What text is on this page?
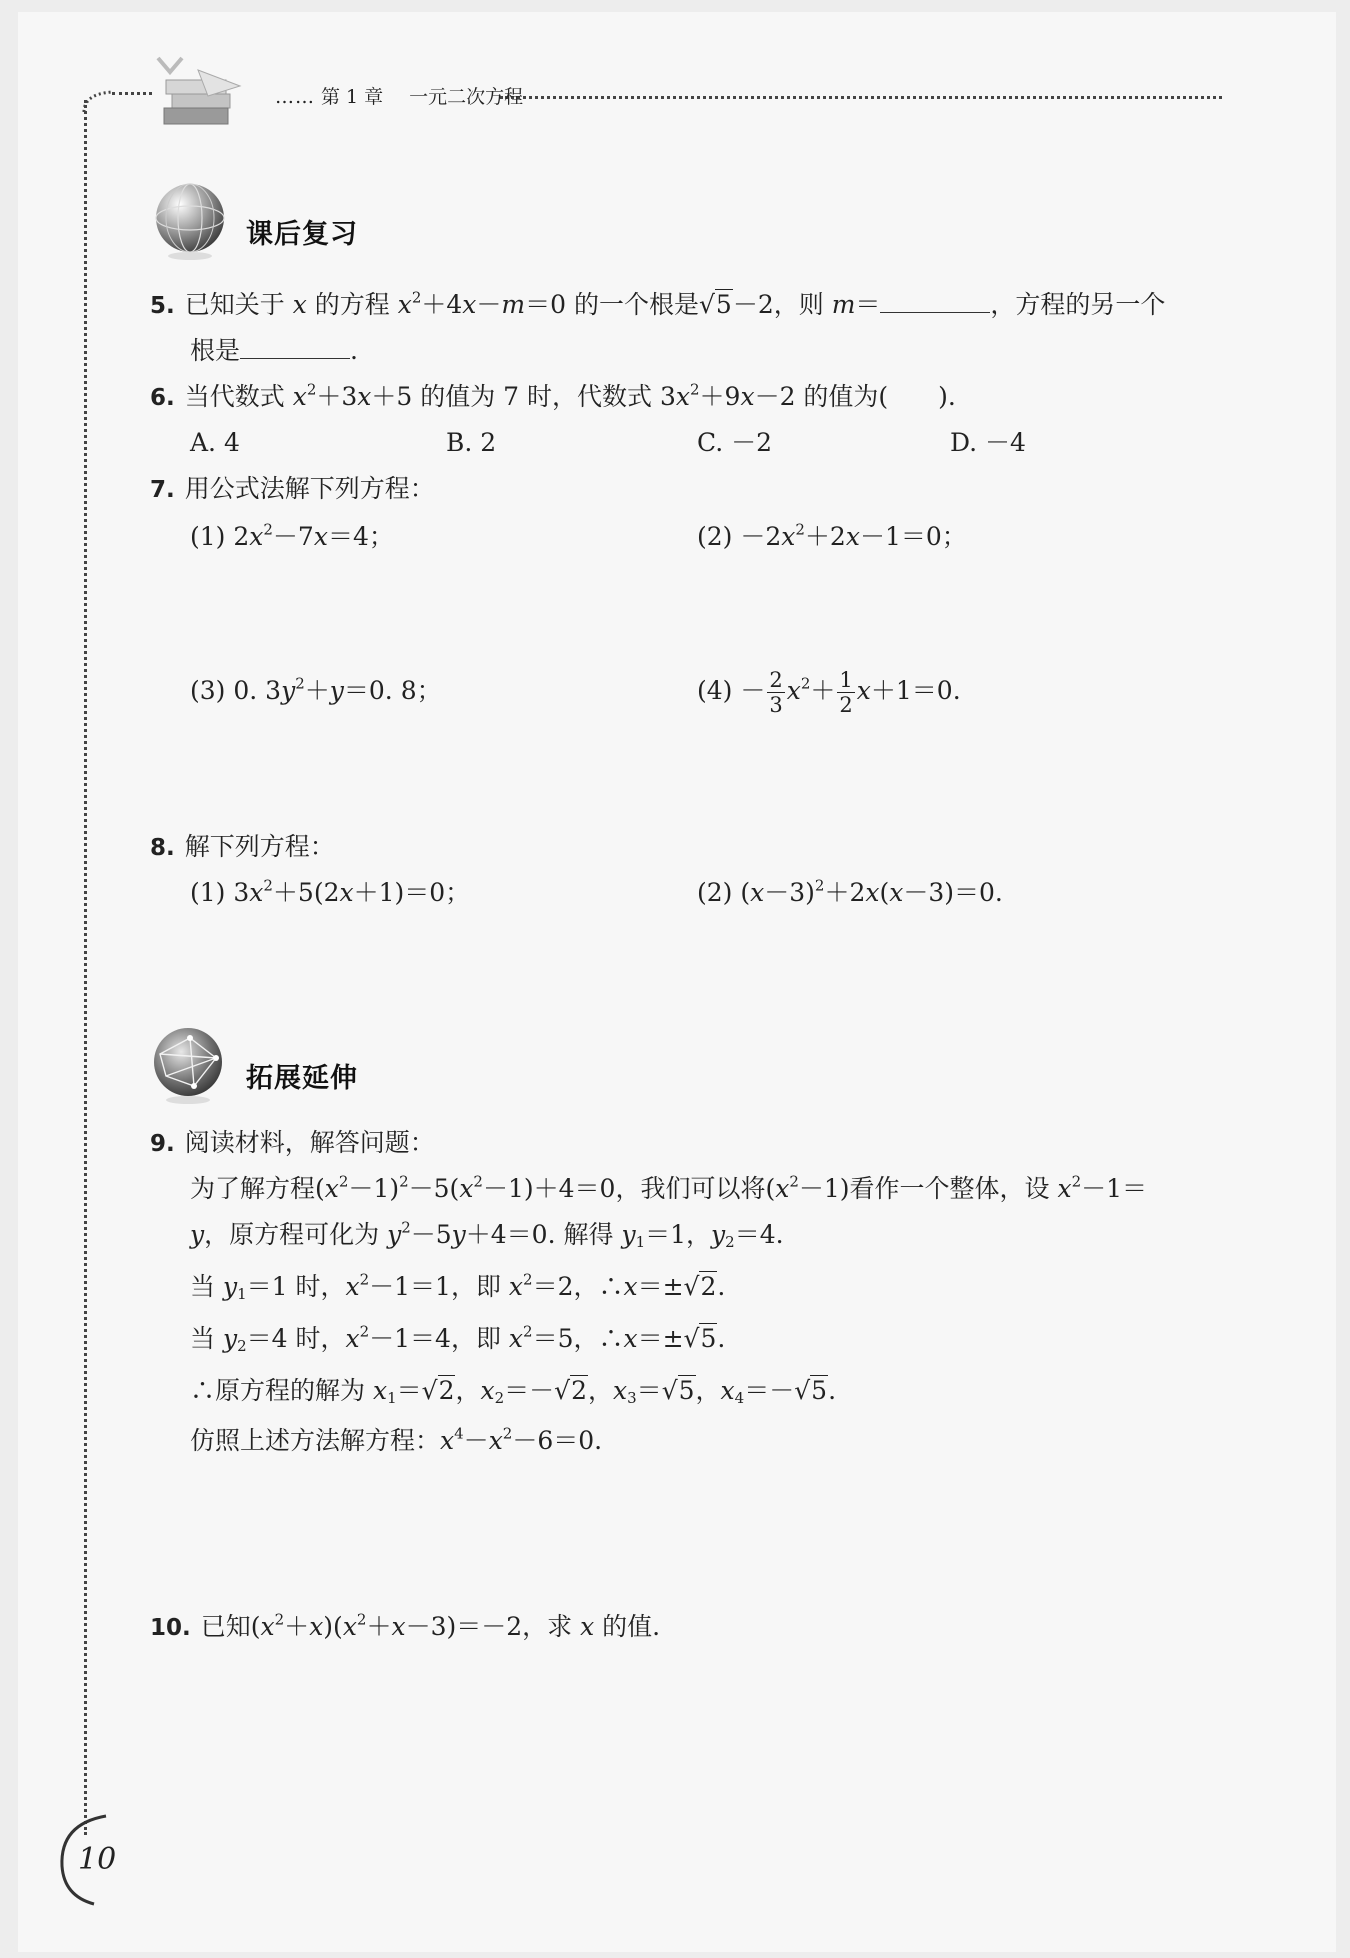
…… 第 1 章 一元二次方程
课后复习
5. 已知关于 x 的方程 $x^2+4x-m=0$ 的一个根是√5－2，则 m＝	，方程的另一个
根是	.
6. 当代数式 $x^2+3x+5$ 的值为 7 时，代数式 $3x^2+9x-2$ 的值为(　　).
A. 4	B. 2	C. －2	D. －4
7. 用公式法解下列方程：
(1) $2x^2-7x=4$；	$(2) -2x^2+2x-1=0$；
(3) 0. $3y^2+y=0$. 8；	$(4) - \frac{2}{3} x^2+ \frac{1}{2} x+1=0$.
8. 解下列方程：
(1) $3x^2+5(2x+1)=0$；	(2) $(x-3)^2+2x(x-3)=0$.
拓展延伸
9. 阅读材料，解答问题：
为了解方程$(x^2-1)^2-5(x^2-1)+4=0$，我们可以将$(x^2-1)$看作一个整体，设 $x^2-1=$
y，原方程可化为 $y^2-5y+4=0$. 解得 $y_1=1$，$y_2=4$.
当 $y_1=1$ 时，$x^2-1=1$，即 $x^2=2$，∴x＝±√2.
当 $y_2=4$ 时，$x^2-1=4$，即 $x^2=5$，∴x＝±√5.
∴原方程的解为 $x_1=√2$，$x_2=-√2$，$x_3=√5$，$x_4=-√5$.
仿照上述方法解方程：$x^4-x^2-6=0$.
10. 已知$(x^2+x)(x^2+x-3)=-2$，求 x 的值.
10
